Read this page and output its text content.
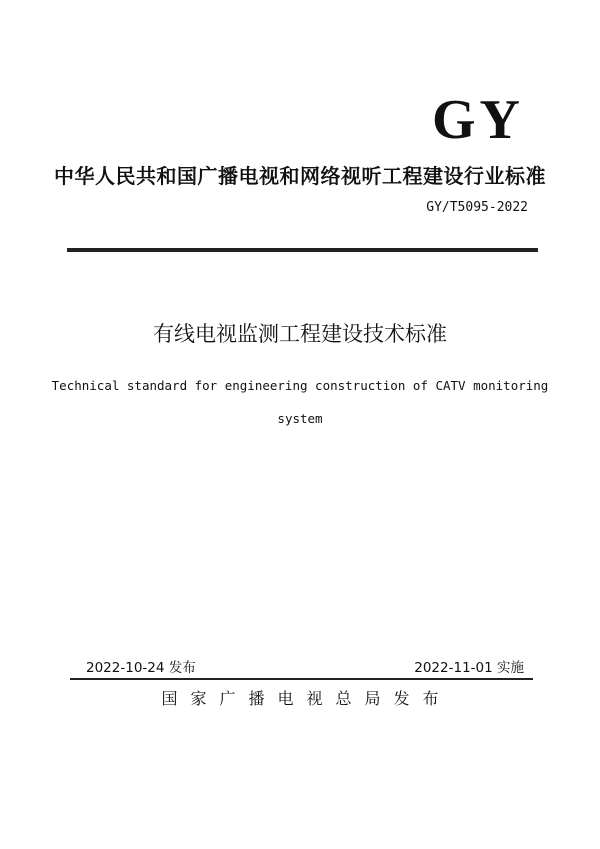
GY
中华人民共和国广播电视和网络视听工程建设行业标准
GY/T5095-2022
有线电视监测工程建设技术标准
Technical standard for engineering construction of CATV monitoring
system
2022-10-24 发布	2022-11-01 实施
国家广播电视总局发布
